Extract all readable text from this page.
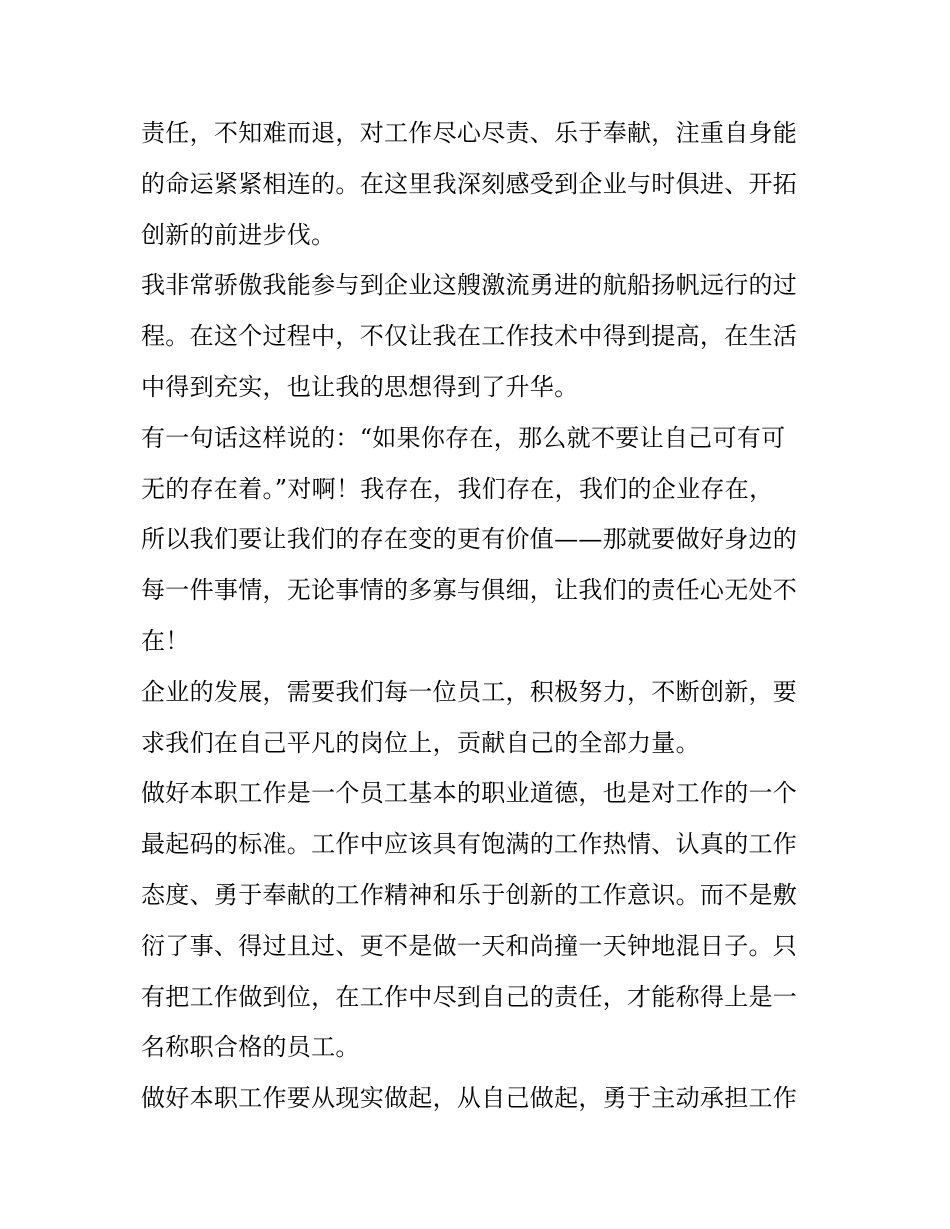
责任，不知难而退，对工作尽心尽责、乐于奉献，注重自身能
的命运紧紧相连的。在这里我深刻感受到企业与时俱进、开拓
创新的前进步伐。
我非常骄傲我能参与到企业这艘激流勇进的航船扬帆远行的过
程。在这个过程中，不仅让我在工作技术中得到提高，在生活
中得到充实，也让我的思想得到了升华。
有一句话这样说的：“如果你存在，那么就不要让自己可有可
无的存在着。”对啊！我存在，我们存在，我们的企业存在，
所以我们要让我们的存在变的更有价值——那就要做好身边的
每一件事情，无论事情的多寡与俱细，让我们的责任心无处不
在！
企业的发展，需要我们每一位员工，积极努力，不断创新，要
求我们在自己平凡的岗位上，贡献自己的全部力量。
做好本职工作是一个员工基本的职业道德，也是对工作的一个
最起码的标准。工作中应该具有饱满的工作热情、认真的工作
态度、勇于奉献的工作精神和乐于创新的工作意识。而不是敷
衍了事、得过且过、更不是做一天和尚撞一天钟地混日子。只
有把工作做到位，在工作中尽到自己的责任，才能称得上是一
名称职合格的员工。
做好本职工作要从现实做起，从自己做起，勇于主动承担工作
